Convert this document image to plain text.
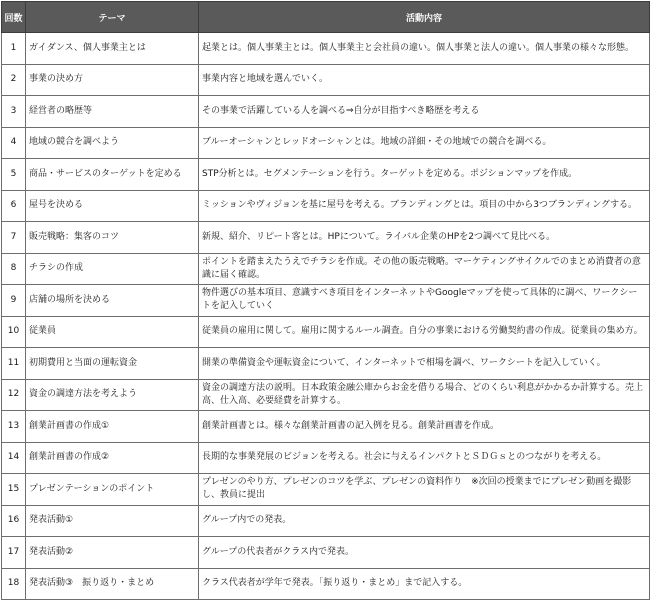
回数	テーマ	活動内容
1	ガイダンス、個人事業主とは	起業とは。個人事業主とは。個人事業主と会社員の違い。個人事業と法人の違い。個人事業の様々な形態。
2	事業の決め方	事業内容と地域を選んでいく。
3	経営者の略歴等	その事業で活躍している人を調べる⇒自分が目指すべき略歴を考える
4	地域の競合を調べよう	ブルーオーシャンとレッドオーシャンとは。地域の詳細・その地域での競合を調べる。
5	商品・サービスのターゲットを定める	STP分析とは。セグメンテーションを行う。ターゲットを定める。ポジションマップを作成。
6	屋号を決める	ミッションやヴィジョンを基に屋号を考える。ブランディングとは。項目の中から3つブランディングする。
7	販売戦略：集客のコツ	新規、紹介、リピート客とは。HPについて。ライバル企業のHPを2つ調べて見比べる。
8	チラシの作成	ポイントを踏まえたうえでチラシを作成。その他の販売戦略。マーケティングサイクルでのまとめ消費者の意識に届く確認。
9	店舗の場所を決める	物件選びの基本項目、意識すべき項目をインターネットやGoogleマップを使って具体的に調べ、ワークシートを記入していく
10	従業員	従業員の雇用に関して。雇用に関するルール調査。自分の事業における労働契約書の作成。従業員の集め方。
11	初期費用と当面の運転資金	開業の準備資金や運転資金について、インターネットで相場を調べ、ワークシートを記入していく。
12	資金の調達方法を考えよう	資金の調達方法の説明。日本政策金融公庫からお金を借りる場合、どのくらい利息がかかるか計算する。売上高、仕入高、必要経費を計算する。
13	創業計画書の作成①	創業計画書とは。様々な創業計画書の記入例を見る。創業計画書を作成。
14	創業計画書の作成②	長期的な事業発展のビジョンを考える。社会に与えるインパクトとＳＤＧｓとのつながりを考える。
15	プレゼンテーションのポイント	プレゼンのやり方、プレゼンのコツを学ぶ、プレゼンの資料作り　※次回の授業までにプレゼン動画を撮影し、教員に提出
16	発表活動①	グループ内での発表。
17	発表活動②	グループの代表者がクラス内で発表。
18	発表活動③　振り返り・まとめ	クラス代表者が学年で発表。「振り返り・まとめ」まで記入する。
